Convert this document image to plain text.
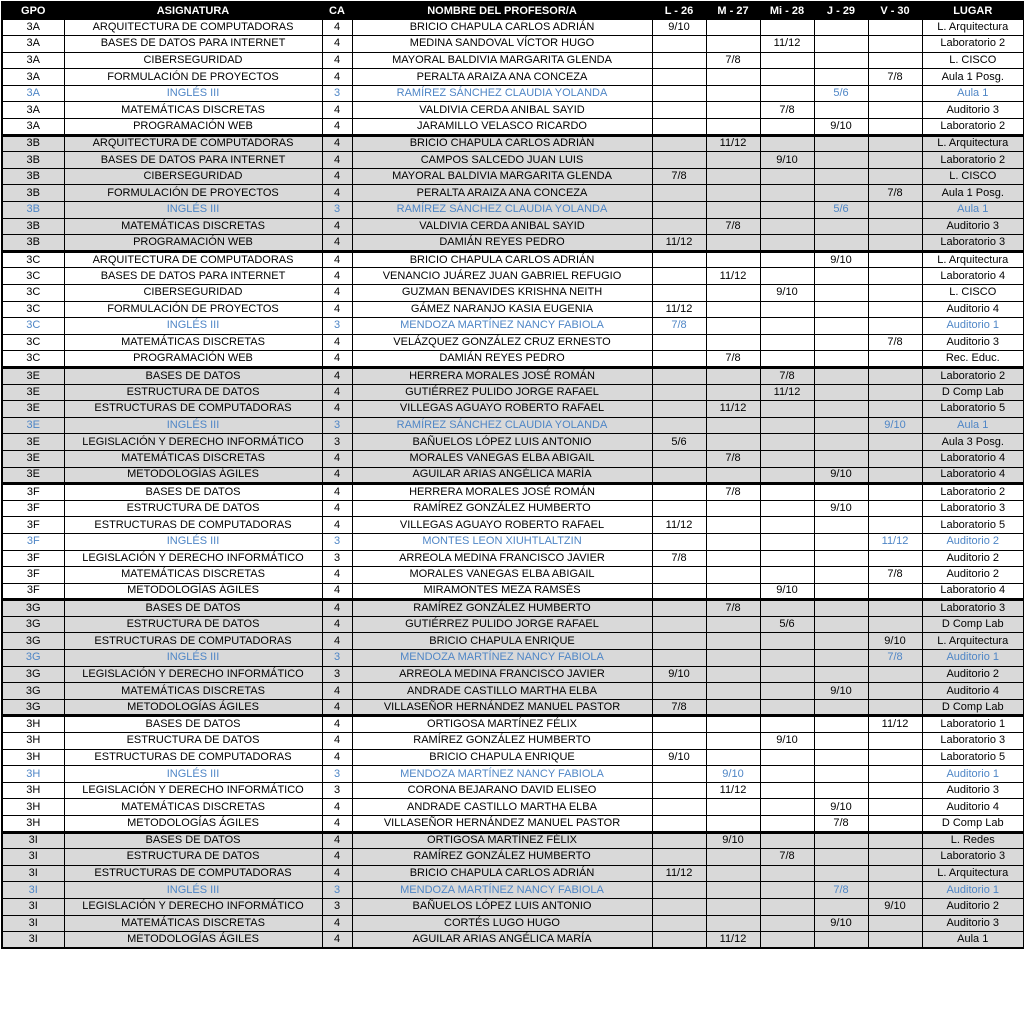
GPO	ASIGNATURA	CA	NOMBRE DEL PROFESOR/A	L - 26	M - 27	Mi - 28	J - 29	V - 30	LUGAR
3A	ARQUITECTURA DE COMPUTADORAS	4	BRICIO CHAPULA CARLOS ADRIÁN	9/10					L. Arquitectura
3A	BASES DE DATOS PARA INTERNET	4	MEDINA SANDOVAL VÍCTOR HUGO			11/12			Laboratorio 2
3A	CIBERSEGURIDAD	4	MAYORAL BALDIVIA MARGARITA GLENDA		7/8				L. CISCO
3A	FORMULACIÓN DE PROYECTOS	4	PERALTA ARAIZA ANA CONCEZA					7/8	Aula 1 Posg.
3A	INGLÉS III	3	RAMÍREZ SÁNCHEZ CLAUDIA YOLANDA				5/6		Aula 1
3A	MATEMÁTICAS DISCRETAS	4	VALDIVIA CERDA ANIBAL SAYID			7/8			Auditorio 3
3A	PROGRAMACIÓN WEB	4	JARAMILLO VELASCO RICARDO				9/10		Laboratorio 2
3B	ARQUITECTURA DE COMPUTADORAS	4	BRICIO CHAPULA CARLOS ADRIÁN		11/12				L. Arquitectura
3B	BASES DE DATOS PARA INTERNET	4	CAMPOS SALCEDO JUAN LUIS			9/10			Laboratorio 2
3B	CIBERSEGURIDAD	4	MAYORAL BALDIVIA MARGARITA GLENDA	7/8					L. CISCO
3B	FORMULACIÓN DE PROYECTOS	4	PERALTA ARAIZA ANA CONCEZA					7/8	Aula 1 Posg.
3B	INGLÉS III	3	RAMÍREZ SÁNCHEZ CLAUDIA YOLANDA				5/6		Aula 1
3B	MATEMÁTICAS DISCRETAS	4	VALDIVIA CERDA ANIBAL SAYID		7/8				Auditorio 3
3B	PROGRAMACIÓN WEB	4	DAMIÁN REYES PEDRO	11/12					Laboratorio 3
3C	ARQUITECTURA DE COMPUTADORAS	4	BRICIO CHAPULA CARLOS ADRIÁN				9/10		L. Arquitectura
3C	BASES DE DATOS PARA INTERNET	4	VENANCIO JUÁREZ JUAN GABRIEL REFUGIO		11/12				Laboratorio 4
3C	CIBERSEGURIDAD	4	GUZMAN BENAVIDES KRISHNA NEITH			9/10			L. CISCO
3C	FORMULACIÓN DE PROYECTOS	4	GÁMEZ NARANJO KASIA EUGENIA	11/12					Auditorio 4
3C	INGLÉS III	3	MENDOZA MARTÍNEZ NANCY FABIOLA	7/8					Auditorio 1
3C	MATEMÁTICAS DISCRETAS	4	VELÁZQUEZ GONZÁLEZ CRUZ ERNESTO					7/8	Auditorio 3
3C	PROGRAMACIÓN WEB	4	DAMIÁN REYES PEDRO		7/8				Rec. Educ.
3E	BASES DE DATOS	4	HERRERA MORALES JOSÉ ROMÁN			7/8			Laboratorio 2
3E	ESTRUCTURA DE DATOS	4	GUTIÉRREZ PULIDO JORGE RAFAEL			11/12			D Comp Lab
3E	ESTRUCTURAS DE COMPUTADORAS	4	VILLEGAS AGUAYO ROBERTO RAFAEL		11/12				Laboratorio 5
3E	INGLÉS III	3	RAMÍREZ SÁNCHEZ CLAUDIA YOLANDA					9/10	Aula 1
3E	LEGISLACIÓN Y DERECHO INFORMÁTICO	3	BAÑUELOS LÓPEZ LUIS ANTONIO	5/6					Aula 3 Posg.
3E	MATEMÁTICAS DISCRETAS	4	MORALES VANEGAS ELBA ABIGAIL		7/8				Laboratorio 4
3E	METODOLOGÍAS ÁGILES	4	AGUILAR ARIAS ANGÉLICA MARÍA				9/10		Laboratorio 4
3F	BASES DE DATOS	4	HERRERA MORALES JOSÉ ROMÁN		7/8				Laboratorio 2
3F	ESTRUCTURA DE DATOS	4	RAMÍREZ GONZÁLEZ HUMBERTO				9/10		Laboratorio 3
3F	ESTRUCTURAS DE COMPUTADORAS	4	VILLEGAS AGUAYO ROBERTO RAFAEL	11/12					Laboratorio 5
3F	INGLÉS III	3	MONTES LEON XIUHTLALTZIN					11/12	Auditorio 2
3F	LEGISLACIÓN Y DERECHO INFORMÁTICO	3	ARREOLA MEDINA FRANCISCO JAVIER	7/8					Auditorio 2
3F	MATEMÁTICAS DISCRETAS	4	MORALES VANEGAS ELBA ABIGAIL					7/8	Auditorio 2
3F	METODOLOGÍAS ÁGILES	4	MIRAMONTES MEZA RAMSÉS			9/10			Laboratorio 4
3G	BASES DE DATOS	4	RAMÍREZ GONZÁLEZ HUMBERTO		7/8				Laboratorio 3
3G	ESTRUCTURA DE DATOS	4	GUTIÉRREZ PULIDO JORGE RAFAEL			5/6			D Comp Lab
3G	ESTRUCTURAS DE COMPUTADORAS	4	BRICIO CHAPULA ENRIQUE					9/10	L. Arquitectura
3G	INGLÉS III	3	MENDOZA MARTÍNEZ NANCY FABIOLA					7/8	Auditorio 1
3G	LEGISLACIÓN Y DERECHO INFORMÁTICO	3	ARREOLA MEDINA FRANCISCO JAVIER	9/10					Auditorio 2
3G	MATEMÁTICAS DISCRETAS	4	ANDRADE CASTILLO MARTHA ELBA				9/10		Auditorio 4
3G	METODOLOGÍAS ÁGILES	4	VILLASEÑOR HERNÁNDEZ MANUEL PASTOR	7/8					D Comp Lab
3H	BASES DE DATOS	4	ORTIGOSA MARTÍNEZ FÉLIX					11/12	Laboratorio 1
3H	ESTRUCTURA DE DATOS	4	RAMÍREZ GONZÁLEZ HUMBERTO			9/10			Laboratorio 3
3H	ESTRUCTURAS DE COMPUTADORAS	4	BRICIO CHAPULA ENRIQUE	9/10					Laboratorio 5
3H	INGLÉS III	3	MENDOZA MARTÍNEZ NANCY FABIOLA		9/10				Auditorio 1
3H	LEGISLACIÓN Y DERECHO INFORMÁTICO	3	CORONA BEJARANO DAVID ELISEO		11/12				Auditorio 3
3H	MATEMÁTICAS DISCRETAS	4	ANDRADE CASTILLO MARTHA ELBA				9/10		Auditorio 4
3H	METODOLOGÍAS ÁGILES	4	VILLASEÑOR HERNÁNDEZ MANUEL PASTOR				7/8		D Comp Lab
3I	BASES DE DATOS	4	ORTIGOSA MARTÍNEZ FÉLIX		9/10				L. Redes
3I	ESTRUCTURA DE DATOS	4	RAMÍREZ GONZÁLEZ HUMBERTO			7/8			Laboratorio 3
3I	ESTRUCTURAS DE COMPUTADORAS	4	BRICIO CHAPULA CARLOS ADRIÁN	11/12					L. Arquitectura
3I	INGLÉS III	3	MENDOZA MARTÍNEZ NANCY FABIOLA				7/8		Auditorio 1
3I	LEGISLACIÓN Y DERECHO INFORMÁTICO	3	BAÑUELOS LÓPEZ LUIS ANTONIO					9/10	Auditorio 2
3I	MATEMÁTICAS DISCRETAS	4	CORTÉS LUGO HUGO				9/10		Auditorio 3
3I	METODOLOGÍAS ÁGILES	4	AGUILAR ARIAS ANGÉLICA MARÍA		11/12				Aula 1
